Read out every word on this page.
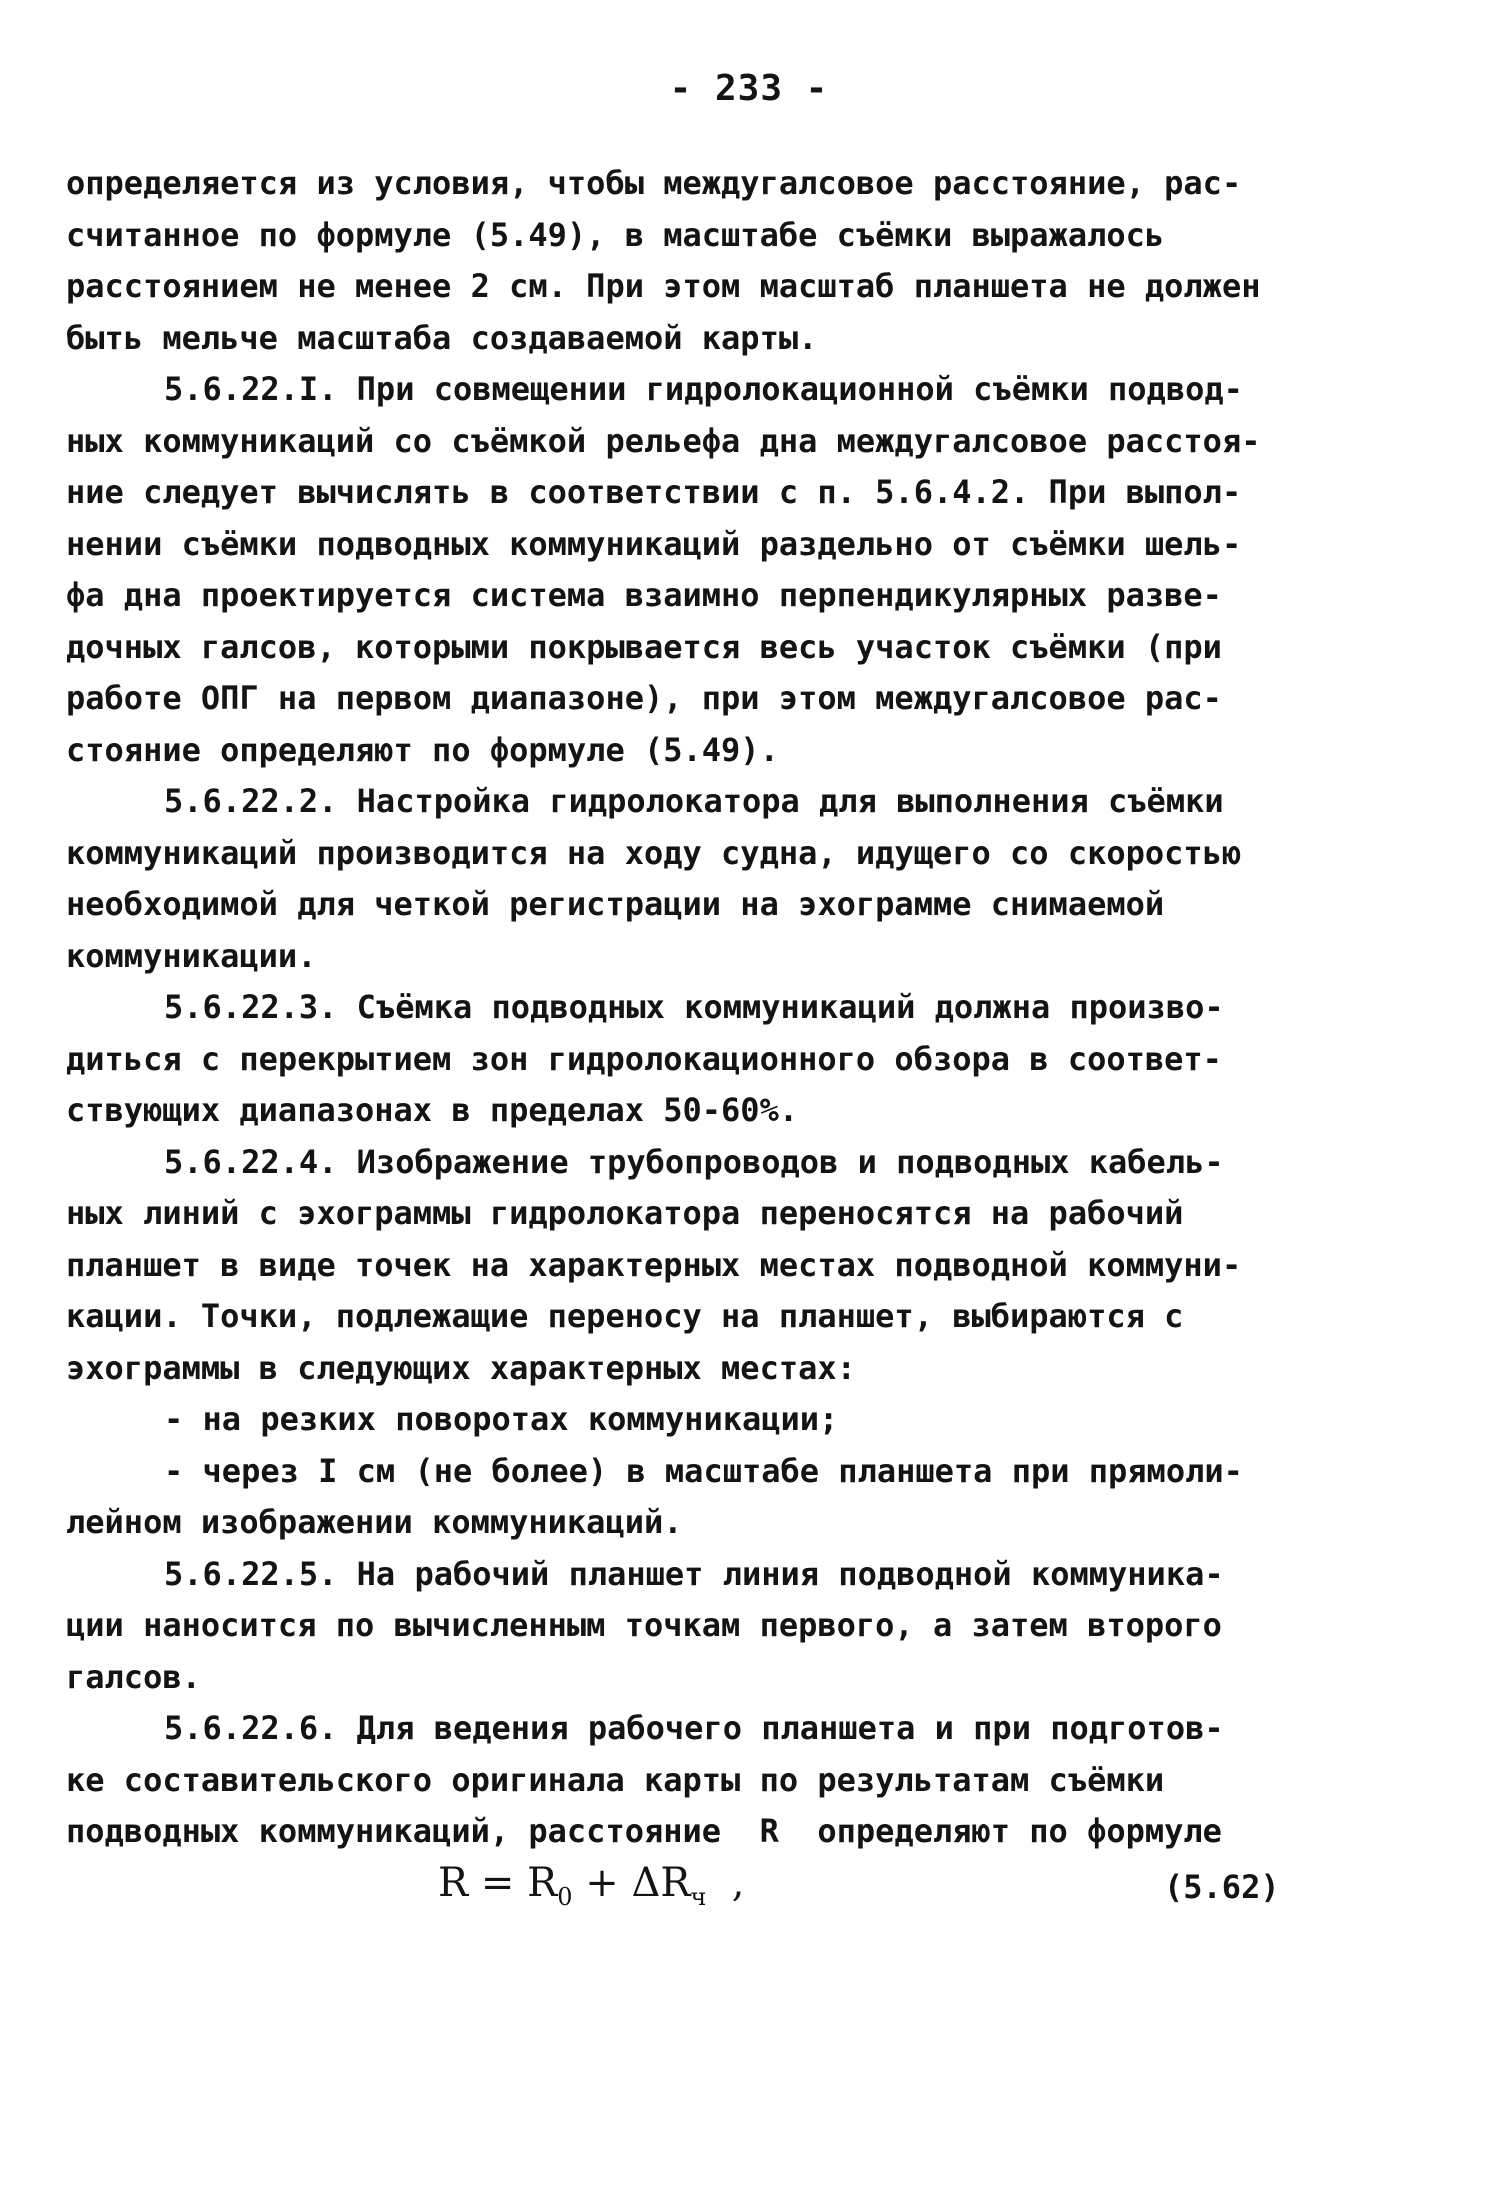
- 233 -
определяется из условия, чтобы междугалсовое расстояние, рас-
считанное по формуле (5.49), в масштабе съёмки выражалось
расстоянием не менее 2 см. При этом масштаб планшета не должен
быть мельче масштаба создаваемой карты.
5.6.22.I. При совмещении гидролокационной съёмки подвод-
ных коммуникаций со съёмкой рельефа дна междугалсовое расстоя-
ние следует вычислять в соответствии с п. 5.6.4.2. При выпол-
нении съёмки подводных коммуникаций раздельно от съёмки шель-
фа дна проектируется система взаимно перпендикулярных разве-
дочных галсов, которыми покрывается весь участок съёмки (при
работе ОПГ на первом диапазоне), при этом междугалсовое рас-
стояние определяют по формуле (5.49).
5.6.22.2. Настройка гидролокатора для выполнения съёмки
коммуникаций производится на ходу судна, идущего со скоростью
необходимой для четкой регистрации на эхограмме снимаемой
коммуникации.
5.6.22.3. Съёмка подводных коммуникаций должна произво-
диться с перекрытием зон гидролокационного обзора в соответ-
ствующих диапазонах в пределах 50-60%.
5.6.22.4. Изображение трубопроводов и подводных кабель-
ных линий с эхограммы гидролокатора переносятся на рабочий
планшет в виде точек на характерных местах подводной коммуни-
кации. Точки, подлежащие переносу на планшет, выбираются с
эхограммы в следующих характерных местах:
- на резких поворотах коммуникации;
- через I см (не более) в масштабе планшета при прямоли-
лейном изображении коммуникаций.
5.6.22.5. На рабочий планшет линия подводной коммуника-
ции наносится по вычисленным точкам первого, а затем второго
галсов.
5.6.22.6. Для ведения рабочего планшета и при подготов-
ке составительского оригинала карты по результатам съёмки
подводных коммуникаций, расстояние  R  определяют по формуле
$R = R_0 + \Delta R_ч$  ,	(5.62)
